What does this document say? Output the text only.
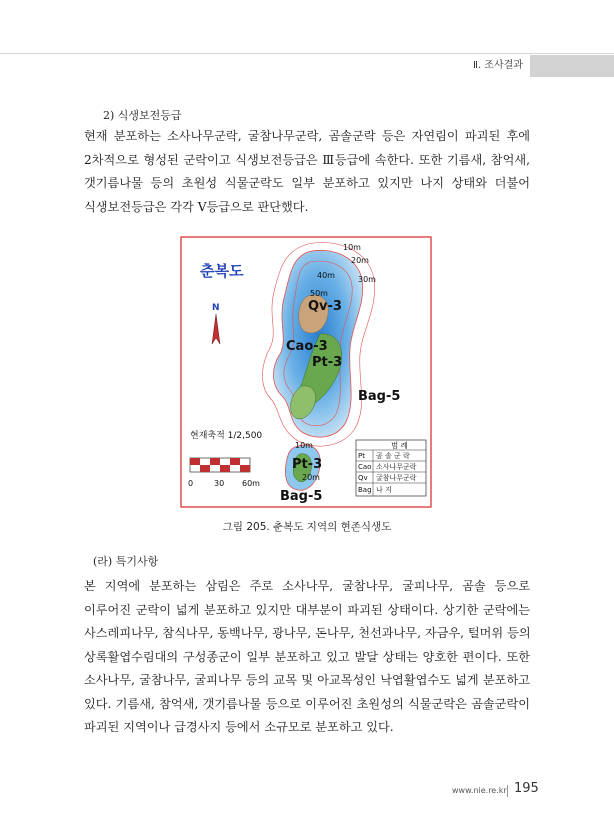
Ⅱ. 조사결과
2) 식생보전등급
현재 분포하는 소사나무군락, 굴참나무군락, 곰솔군락 등은 자연림이 파괴된 후에
2차적으로 형성된 군락이고 식생보전등급은 Ⅲ등급에 속한다. 또한 기름새, 참억새,
갯기름나물 등의 초원성 식물군락도 일부 분포하고 있지만 나지 상태와 더불어
식생보전등급은 각각 Ⅴ등급으로 판단했다.
춘복도
N
10m
20m
30m
40m
50m
10m
20m
Qv-3
Cao-3
Pt-3
Bag-5
Pt-3
Bag-5
현재축적 1/2,500
0	30 60m
범 례
Pt 곰 솔 군 락
Cao 소사나무군락
Qv 굴참나무군락
Bag 나 지
그림 205. 춘복도 지역의 현존식생도
(라) 특기사항
본 지역에 분포하는 삼림은 주로 소사나무, 굴참나무, 굴피나무, 곰솔 등으로
이루어진 군락이 넓게 분포하고 있지만 대부분이 파괴된 상태이다. 상기한 군락에는
사스레피나무, 참식나무, 동백나무, 광나무, 돈나무, 천선과나무, 자금우, 털머위 등의
상록활엽수림대의 구성종군이 일부 분포하고 있고 발달 상태는 양호한 편이다. 또한
소사나무, 굴참나무, 굴피나무 등의 교목 및 아교목성인 낙엽활엽수도 넓게 분포하고
있다. 기름새, 참억새, 갯기름나물 등으로 이루어진 초원성의 식물군락은 곰솔군락이
파괴된 지역이나 급경사지 등에서 소규모로 분포하고 있다.
www.nie.re.kr 195
